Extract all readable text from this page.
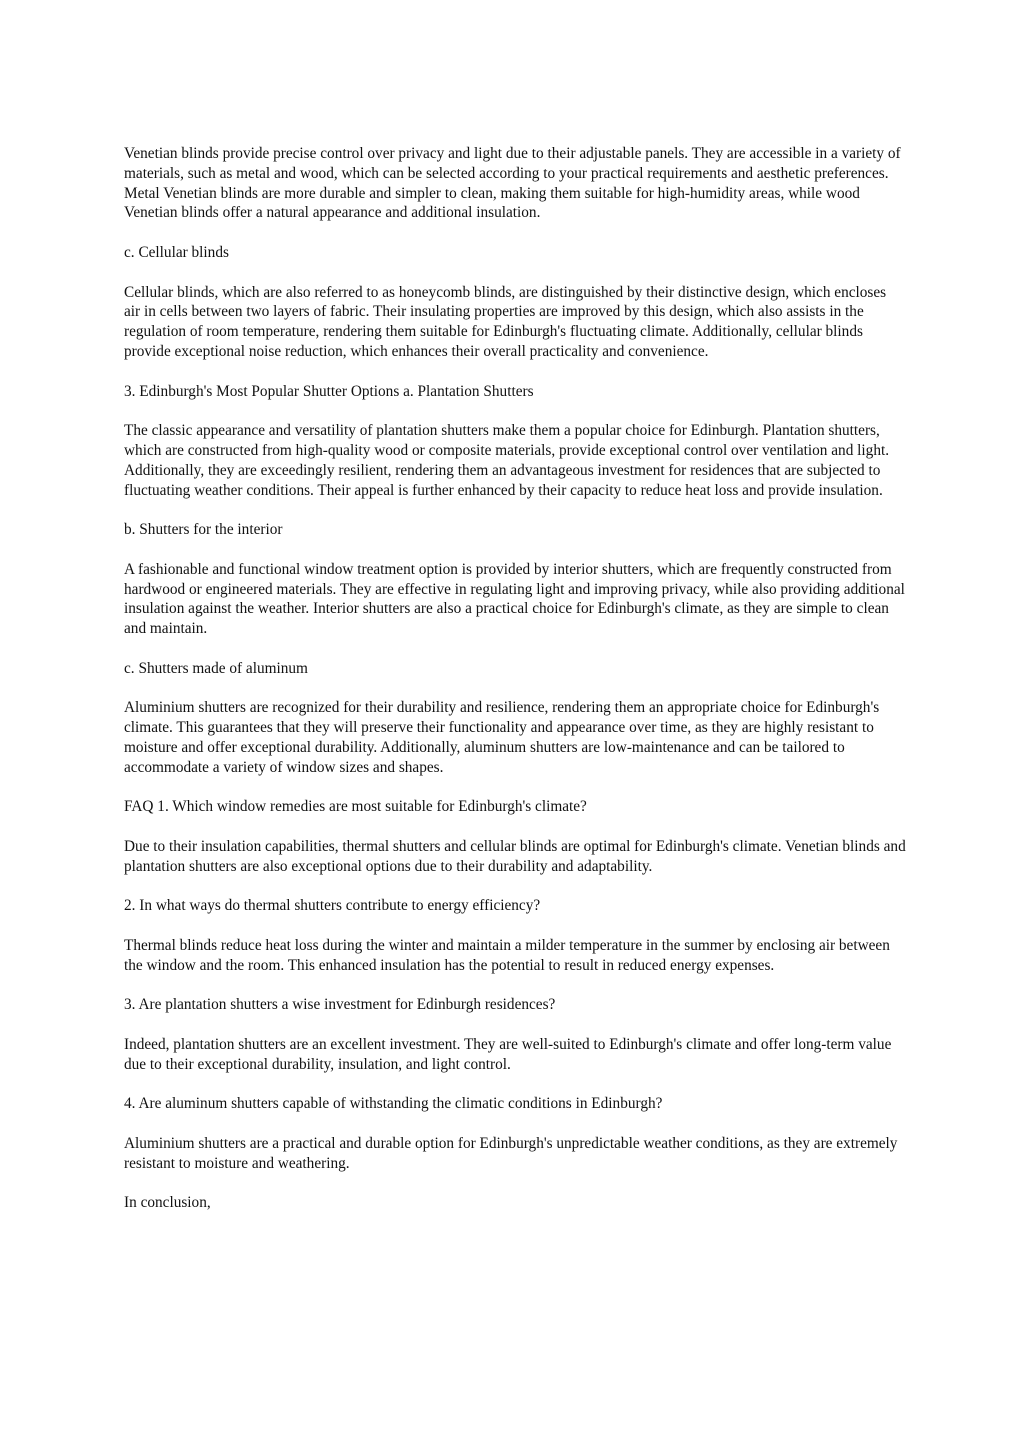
Venetian blinds provide precise control over privacy and light due to their adjustable panels. They are accessible in a variety of materials, such as metal and wood, which can be selected according to your practical requirements and aesthetic preferences. Metal Venetian blinds are more durable and simpler to clean, making them suitable for high-humidity areas, while wood Venetian blinds offer a natural appearance and additional insulation.

c. Cellular blinds

Cellular blinds, which are also referred to as honeycomb blinds, are distinguished by their distinctive design, which encloses air in cells between two layers of fabric. Their insulating properties are improved by this design, which also assists in the regulation of room temperature, rendering them suitable for Edinburgh's fluctuating climate. Additionally, cellular blinds provide exceptional noise reduction, which enhances their overall practicality and convenience.

3. Edinburgh's Most Popular Shutter Options a. Plantation Shutters

The classic appearance and versatility of plantation shutters make them a popular choice for Edinburgh. Plantation shutters, which are constructed from high-quality wood or composite materials, provide exceptional control over ventilation and light. Additionally, they are exceedingly resilient, rendering them an advantageous investment for residences that are subjected to fluctuating weather conditions. Their appeal is further enhanced by their capacity to reduce heat loss and provide insulation.

b. Shutters for the interior

A fashionable and functional window treatment option is provided by interior shutters, which are frequently constructed from hardwood or engineered materials. They are effective in regulating light and improving privacy, while also providing additional insulation against the weather. Interior shutters are also a practical choice for Edinburgh's climate, as they are simple to clean and maintain.

c. Shutters made of aluminum

Aluminium shutters are recognized for their durability and resilience, rendering them an appropriate choice for Edinburgh's climate. This guarantees that they will preserve their functionality and appearance over time, as they are highly resistant to moisture and offer exceptional durability. Additionally, aluminum shutters are low-maintenance and can be tailored to accommodate a variety of window sizes and shapes.

FAQ 1. Which window remedies are most suitable for Edinburgh's climate?

Due to their insulation capabilities, thermal shutters and cellular blinds are optimal for Edinburgh's climate. Venetian blinds and plantation shutters are also exceptional options due to their durability and adaptability.

2. In what ways do thermal shutters contribute to energy efficiency?

Thermal blinds reduce heat loss during the winter and maintain a milder temperature in the summer by enclosing air between the window and the room. This enhanced insulation has the potential to result in reduced energy expenses.

3. Are plantation shutters a wise investment for Edinburgh residences?

Indeed, plantation shutters are an excellent investment. They are well-suited to Edinburgh's climate and offer long-term value due to their exceptional durability, insulation, and light control.

4. Are aluminum shutters capable of withstanding the climatic conditions in Edinburgh?

Aluminium shutters are a practical and durable option for Edinburgh's unpredictable weather conditions, as they are extremely resistant to moisture and weathering.

In conclusion,
